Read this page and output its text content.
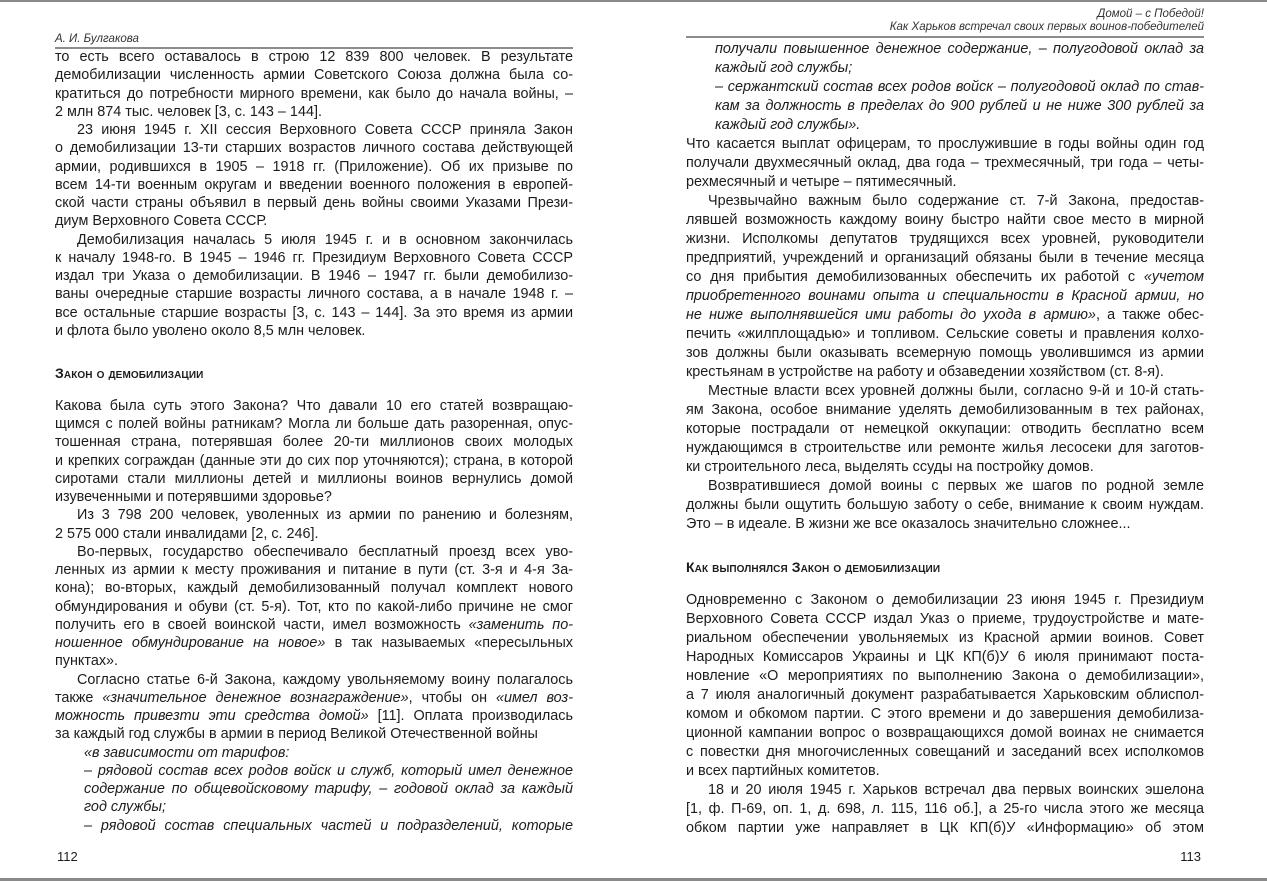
А. И. Булгакова
то есть всего оставалось в строю 12 839 800 человек. В результате
демобилизации численность армии Советского Союза должна была со-
кратиться до потребности мирного времени, как было до начала войны, –
2 млн 874 тыс. человек [3, с. 143 – 144].
23 июня 1945 г. XII сессия Верховного Совета СССР приняла Закон
о демобилизации 13-ти старших возрастов личного состава действующей
армии, родившихся в 1905 – 1918 гг. (Приложение). Об их призыве по
всем 14-ти военным округам и введении военного положения в европей-
ской части страны объявил в первый день войны своими Указами Прези-
диум Верховного Совета СССР.
Демобилизация началась 5 июля 1945 г. и в основном закончилась
к началу 1948-го. В 1945 – 1946 гг. Президиум Верховного Совета СССР
издал три Указа о демобилизации. В 1946 – 1947 гг. были демобилизо-
ваны очередные старшие возрасты личного состава, а в начале 1948 г. –
все остальные старшие возрасты [3, с. 143 – 144]. За это время из армии
и флота было уволено около 8,5 млн человек.
Закон о демобилизации
Какова была суть этого Закона? Что давали 10 его статей возвращаю-
щимся с полей войны ратникам? Могла ли больше дать разоренная, опус-
тошенная страна, потерявшая более 20-ти миллионов своих молодых
и крепких сограждан (данные эти до сих пор уточняются); страна, в которой
сиротами стали миллионы детей и миллионы воинов вернулись домой
изувеченными и потерявшими здоровье?
Из 3 798 200 человек, уволенных из армии по ранению и болезням,
2 575 000 стали инвалидами [2, с. 246].
Во-первых, государство обеспечивало бесплатный проезд всех уво-
ленных из армии к месту проживания и питание в пути (ст. 3-я и 4-я За-
кона); во-вторых, каждый демобилизованный получал комплект нового
обмундирования и обуви (ст. 5-я). Тот, кто по какой-либо причине не смог
получить его в своей воинской части, имел возможность «заменить по-
ношенное обмундирование на новое» в так называемых «пересыльных
пунктах».
Согласно статье 6-й Закона, каждому увольняемому воину полагалось
также «значительное денежное вознаграждение», чтобы он «имел воз-
можность привезти эти средства домой» [11]. Оплата производилась
за каждый год службы в армии в период Великой Отечественной войны
«в зависимости от тарифов:
– рядовой состав всех родов войск и служб, который имел денежное
содержание по общевойсковому тарифу, – годовой оклад за каждый
год службы;
– рядовой состав специальных частей и подразделений, которые
112
Домой – с Победой!
Как Харьков встречал своих первых воинов-победителей
получали повышенное денежное содержание, – полугодовой оклад за
каждый год службы;
– сержантский состав всех родов войск – полугодовой оклад по став-
кам за должность в пределах до 900 рублей и не ниже 300 рублей за
каждый год службы».
Что касается выплат офицерам, то прослужившие в годы войны один год
получали двухмесячный оклад, два года – трехмесячный, три года – четы-
рехмесячный и четыре – пятимесячный.
Чрезвычайно важным было содержание ст. 7-й Закона, предостав-
лявшей возможность каждому воину быстро найти свое место в мирной
жизни. Исполкомы депутатов трудящихся всех уровней, руководители
предприятий, учреждений и организаций обязаны были в течение месяца
со дня прибытия демобилизованных обеспечить их работой с «учетом
приобретенного воинами опыта и специальности в Красной армии, но
не ниже выполнявшейся ими работы до ухода в армию», а также обес-
печить «жилплощадью» и топливом. Сельские советы и правления колхо-
зов должны были оказывать всемерную помощь уволившимся из армии
крестьянам в устройстве на работу и обзаведении хозяйством (ст. 8-я).
Местные власти всех уровней должны были, согласно 9-й и 10-й стать-
ям Закона, особое внимание уделять демобилизованным в тех районах,
которые пострадали от немецкой оккупации: отводить бесплатно всем
нуждающимся в строительстве или ремонте жилья лесосеки для заготов-
ки строительного леса, выделять ссуды на постройку домов.
Возвратившиеся домой воины с первых же шагов по родной земле
должны были ощутить большую заботу о себе, внимание к своим нуждам.
Это – в идеале. В жизни же все оказалось значительно сложнее...
Как выполнялся Закон о демобилизации
Одновременно с Законом о демобилизации 23 июня 1945 г. Президиум
Верховного Совета СССР издал Указ о приеме, трудоустройстве и мате-
риальном обеспечении увольняемых из Красной армии воинов. Совет
Народных Комиссаров Украины и ЦК КП(б)У 6 июля принимают поста-
новление «О мероприятиях по выполнению Закона о демобилизации»,
а 7 июля аналогичный документ разрабатывается Харьковским облиспол-
комом и обкомом партии. С этого времени и до завершения демобилиза-
ционной кампании вопрос о возвращающихся домой воинах не снимается
с повестки дня многочисленных совещаний и заседаний всех исполкомов
и всех партийных комитетов.
18 и 20 июля 1945 г. Харьков встречал два первых воинских эшелона
[1, ф. П-69, оп. 1, д. 698, л. 115, 116 об.], а 25-го числа этого же месяца
обком партии уже направляет в ЦК КП(б)У «Информацию» об этом
113
